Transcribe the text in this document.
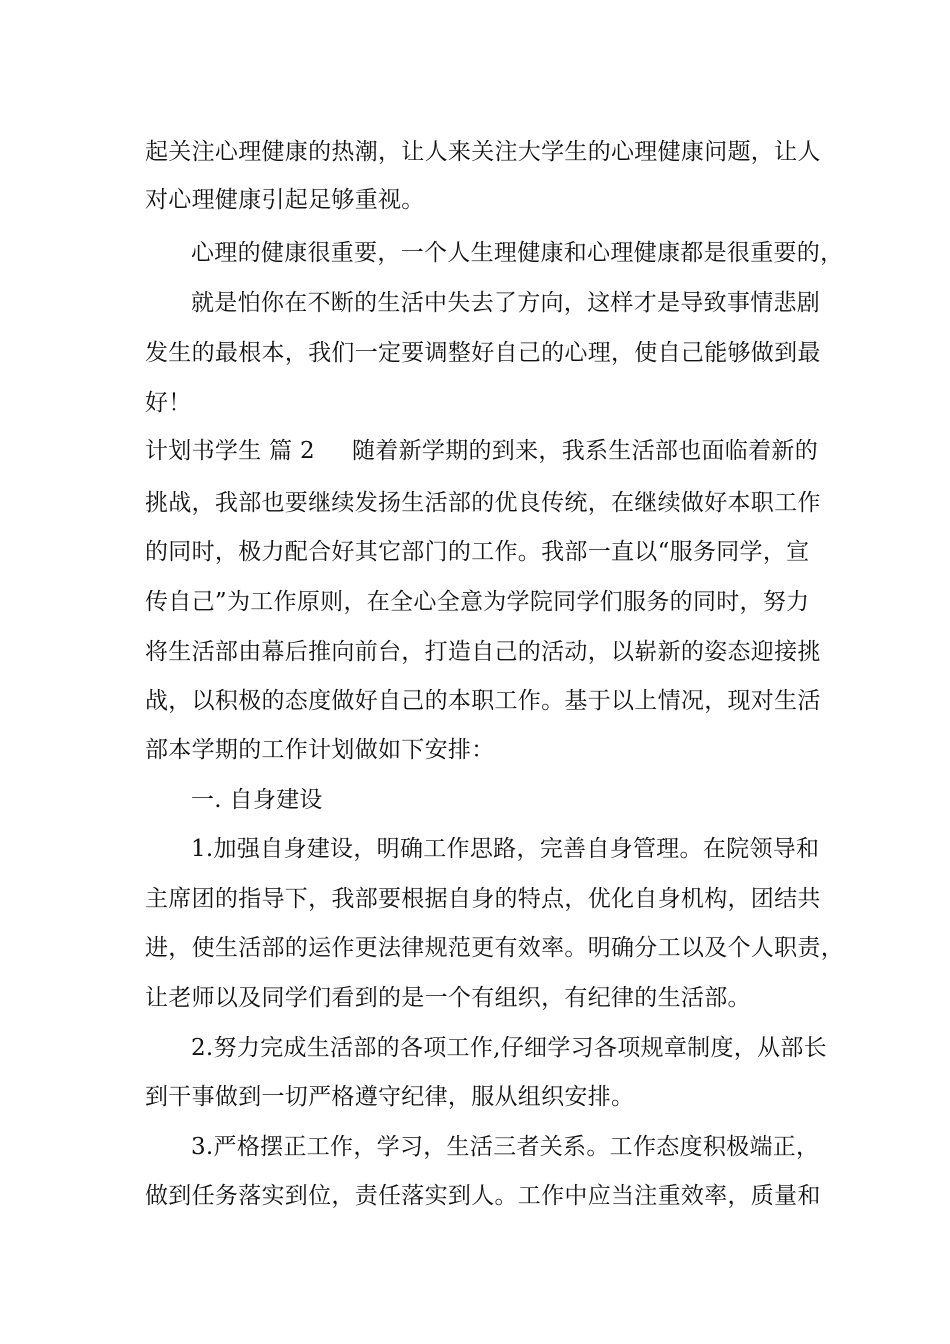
起关注心理健康的热潮，让人来关注大学生的心理健康问题，让人
对心理健康引起足够重视。
心理的健康很重要，一个人生理健康和心理健康都是很重要的，
就是怕你在不断的生活中失去了方向，这样才是导致事情悲剧
发生的最根本，我们一定要调整好自己的心理，使自己能够做到最
好！
计划书学生 篇 2 随着新学期的到来，我系生活部也面临着新的
挑战，我部也要继续发扬生活部的优良传统，在继续做好本职工作
的同时，极力配合好其它部门的工作。我部一直以“服务同学，宣
传自己”为工作原则，在全心全意为学院同学们服务的同时，努力
将生活部由幕后推向前台，打造自己的活动，以崭新的姿态迎接挑
战，以积极的态度做好自己的本职工作。基于以上情况，现对生活
部本学期的工作计划做如下安排：
一. 自身建设
1.加强自身建设，明确工作思路，完善自身管理。在院领导和
主席团的指导下，我部要根据自身的特点，优化自身机构，团结共
进，使生活部的运作更法律规范更有效率。明确分工以及个人职责，
让老师以及同学们看到的是一个有组织，有纪律的生活部。
2.努力完成生活部的各项工作,仔细学习各项规章制度，从部长
到干事做到一切严格遵守纪律，服从组织安排。
3.严格摆正工作，学习，生活三者关系。工作态度积极端正，
做到任务落实到位，责任落实到人。工作中应当注重效率，质量和
